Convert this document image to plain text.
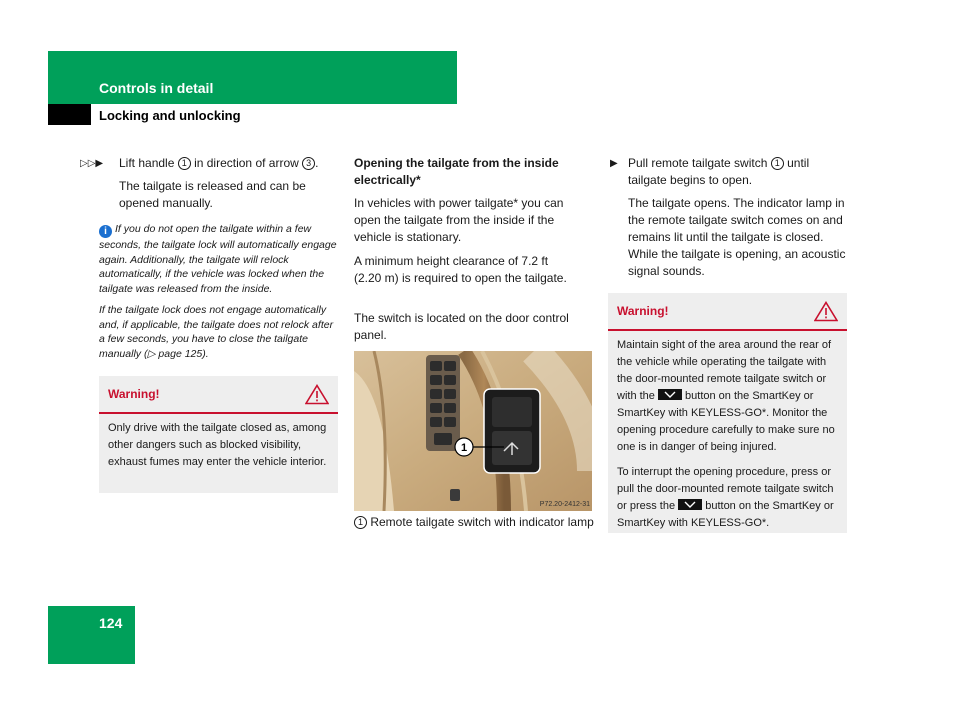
Controls in detail
Locking and unlocking
▷▷▶ Lift handle 1 in direction of arrow 3 .
The tailgate is released and can be opened manually.
i If you do not open the tailgate within a few seconds, the tailgate lock will automatically engage again. Additionally, the tailgate will relock automatically, if the vehicle was locked when the tailgate was released from the inside.
If the tailgate lock does not engage automatically and, if applicable, the tailgate does not relock after a few seconds, you have to close the tailgate manually (▷ page 125).
Warning!
Only drive with the tailgate closed as, among other dangers such as blocked visibility, exhaust fumes may enter the vehicle interior.
Opening the tailgate from the inside electrically*
In vehicles with power tailgate* you can open the tailgate from the inside if the vehicle is stationary.
A minimum height clearance of 7.2 ft (2.20 m) is required to open the tailgate.
The switch is located on the door control panel.
1
P72.20-2412-31
1 Remote tailgate switch with indicator lamp
▶ Pull remote tailgate switch 1 until tailgate begins to open.
The tailgate opens. The indicator lamp in the remote tailgate switch comes on and remains lit until the tailgate is closed. While the tailgate is opening, an acoustic signal sounds.
Warning!
Maintain sight of the area around the rear of the vehicle while operating the tailgate with the door-mounted remote tailgate switch or with the	button on the SmartKey or SmartKey with KEYLESS-GO*. Monitor the opening procedure carefully to make sure no one is in danger of being injured.
To interrupt the opening procedure, press or pull the door-mounted remote tailgate switch or press the	button on the SmartKey or SmartKey with KEYLESS-GO*.
124
